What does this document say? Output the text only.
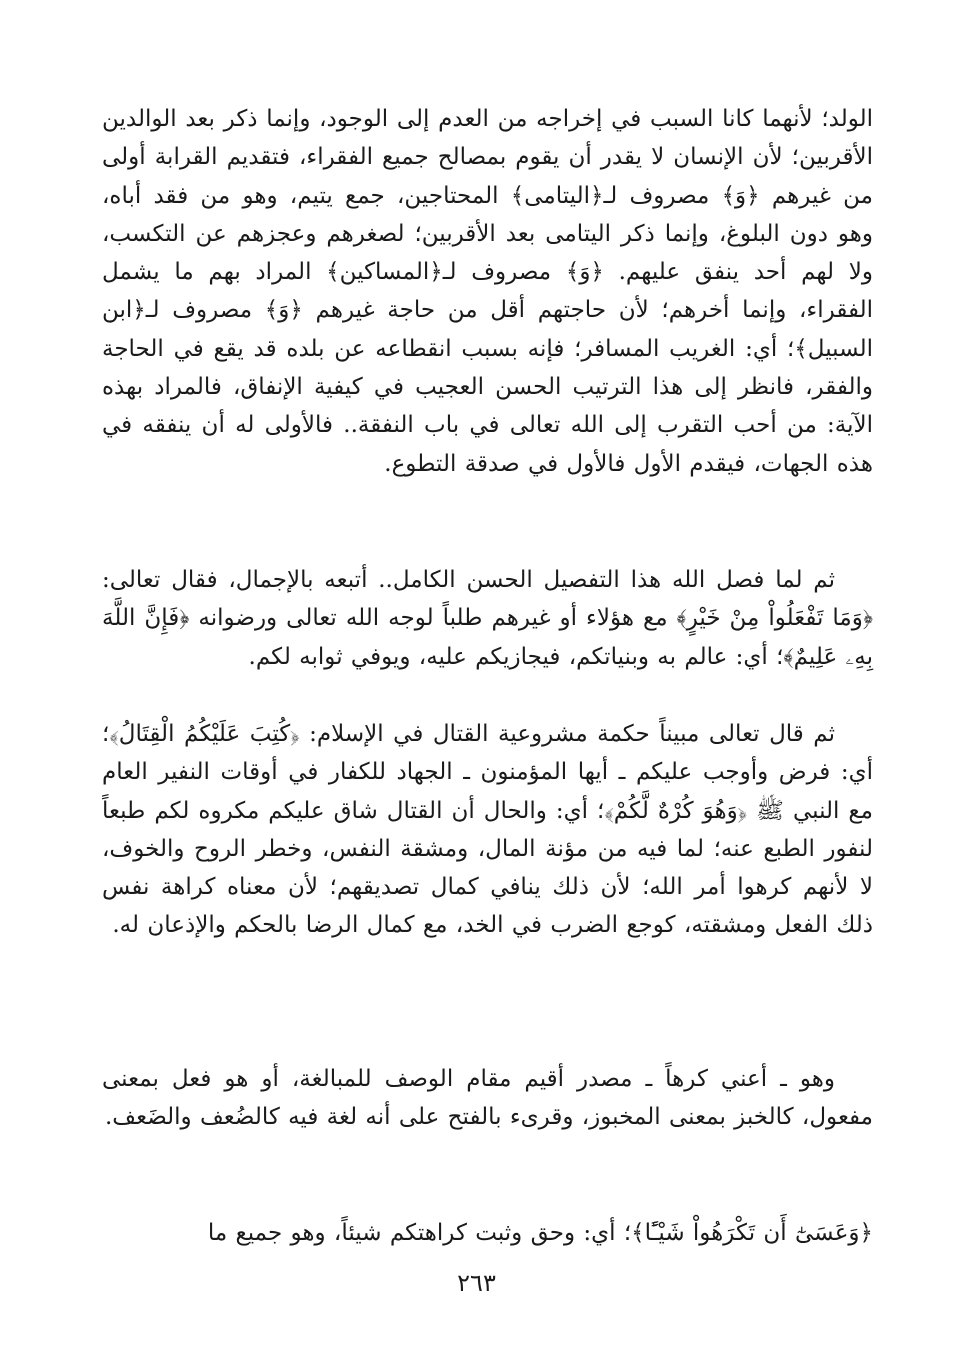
الولد؛ لأنهما كانا السبب في إخراجه من العدم إلى الوجود، وإنما ذكر بعد الوالدين الأقربين؛ لأن الإنسان لا يقدر أن يقوم بمصالح جميع الفقراء، فتقديم القرابة أولى من غيرهم ﴿وَ﴾ مصروف لـ﴿اليتامى﴾ المحتاجين، جمع يتيم، وهو من فقد أباه، وهو دون البلوغ، وإنما ذكر اليتامى بعد الأقربين؛ لصغرهم وعجزهم عن التكسب، ولا لهم أحد ينفق عليهم. ﴿وَ﴾ مصروف لـ﴿المساكين﴾ المراد بهم ما يشمل الفقراء، وإنما أخرهم؛ لأن حاجتهم أقل من حاجة غيرهم ﴿وَ﴾ مصروف لـ﴿ابن السبيل﴾؛ أي: الغريب المسافر؛ فإنه بسبب انقطاعه عن بلده قد يقع في الحاجة والفقر، فانظر إلى هذا الترتيب الحسن العجيب في كيفية الإنفاق، فالمراد بهذه الآية: من أحب التقرب إلى الله تعالى في باب النفقة.. فالأولى له أن ينفقه في هذه الجهات، فيقدم الأول فالأول في صدقة التطوع.

ثم لما فصل الله هذا التفصيل الحسن الكامل.. أتبعه بالإجمال، فقال تعالى: ﴿وَمَا تَفْعَلُواْ مِنْ خَيْرٍ﴾ مع هؤلاء أو غيرهم طلباً لوجه الله تعالى ورضوانه ﴿فَإِنَّ اللَّهَ بِهِۦ عَلِيمٌ﴾؛ أي: عالم به وبنياتكم، فيجازيكم عليه، ويوفي ثوابه لكم.

ثم قال تعالى مبيناً حكمة مشروعية القتال في الإسلام: ﴿كُتِبَ عَلَيْكُمُ الْقِتَالُ﴾؛ أي: فرض وأوجب عليكم ـ أيها المؤمنون ـ الجهاد للكفار في أوقات النفير العام مع النبي ﷺ ﴿وَهُوَ كُرْهٌ لَّكُمْ﴾؛ أي: والحال أن القتال شاق عليكم مكروه لكم طبعاً لنفور الطبع عنه؛ لما فيه من مؤنة المال، ومشقة النفس، وخطر الروح والخوف، لا لأنهم كرهوا أمر الله؛ لأن ذلك ينافي كمال تصديقهم؛ لأن معناه كراهة نفس ذلك الفعل ومشقته، كوجع الضرب في الخد، مع كمال الرضا بالحكم والإذعان له.

وهو ـ أعني كرهاً ـ مصدر أقيم مقام الوصف للمبالغة، أو هو فعل بمعنى مفعول، كالخبز بمعنى المخبوز، وقرىء بالفتح على أنه لغة فيه كالضُعف والضَعف.

﴿وَعَسَىٰٓ أَن تَكْرَهُواْ شَيْـًٔا﴾؛ أي: وحق وثبت كراهتكم شيئاً، وهو جميع ما

٢٦٣
